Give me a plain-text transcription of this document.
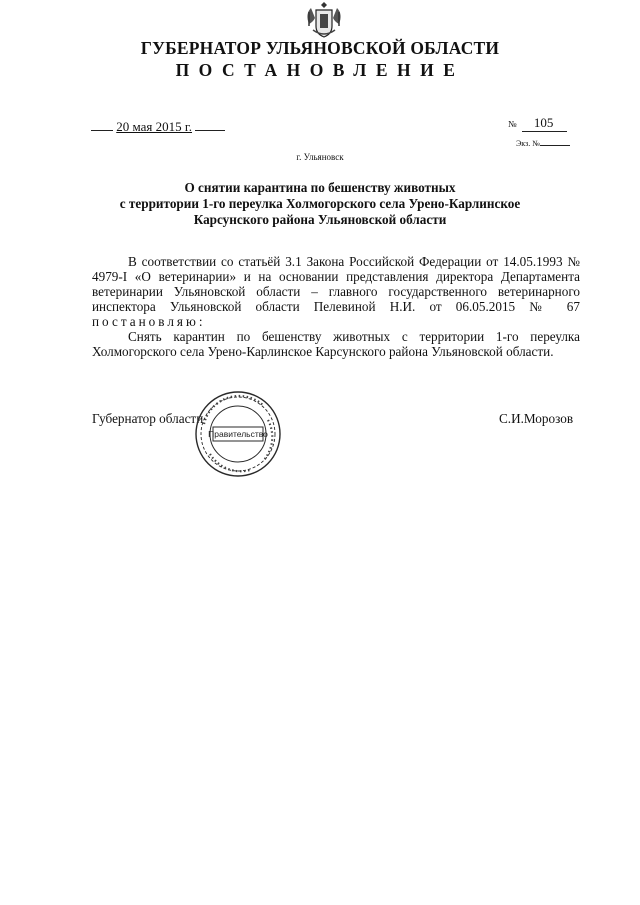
ГУБЕРНАТОР УЛЬЯНОВСКОЙ ОБЛАСТИ
ПОСТАНОВЛЕНИЕ
20 мая 2015 г.	№ 105
Экз. №
г. Ульяновск
О снятии карантина по бешенству животных
с территории 1-го переулка Холмогорского села Урено-Карлинское
Карсунского района Ульяновской области

В соответствии со статьёй 3.1 Закона Российской Федерации от 14.05.1993 № 4979-I «О ветеринарии» и на основании представления директора Департамента ветеринарии Ульяновской области – главного государственного ветеринарного инспектора Ульяновской области Пелевиной Н.И. от 06.05.2015 № 67 постановляю:

Снять карантин по бешенству животных с территории 1-го переулка Холмогорского села Урено-Карлинское Карсунского района Ульяновской области.

Губернатор области	С.И.Морозов
Правительство
